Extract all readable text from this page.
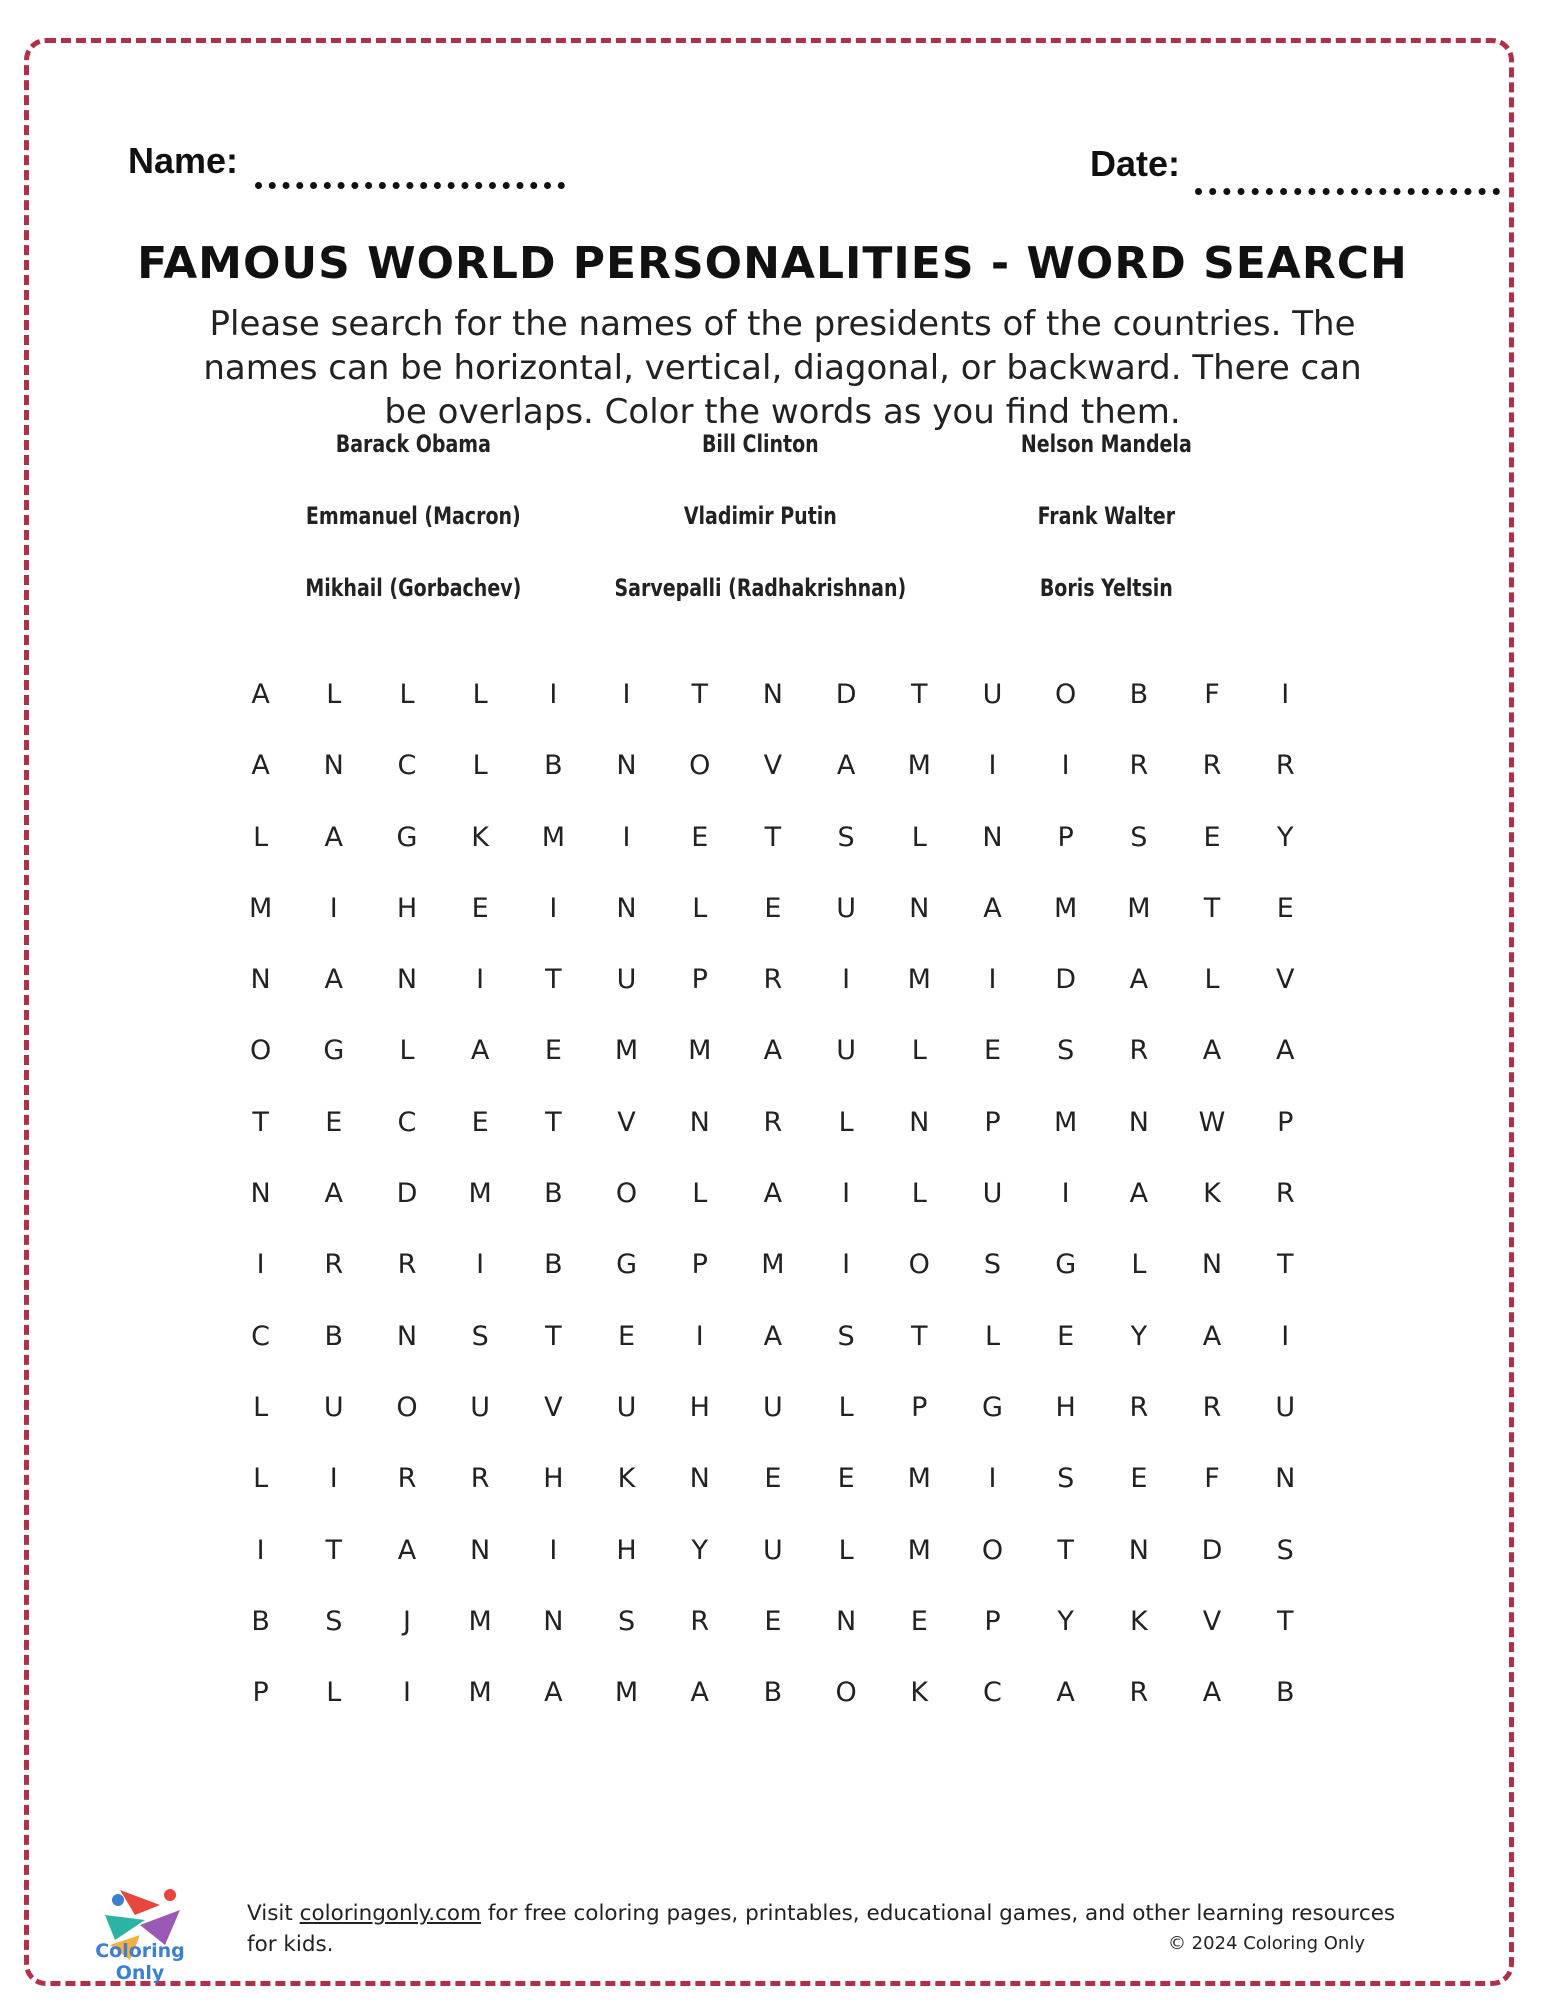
Name:	Date:
FAMOUS WORLD PERSONALITIES - WORD SEARCH
Please search for the names of the presidents of the countries. The names can be horizontal, vertical, diagonal, or backward. There can be overlaps. Color the words as you find them.
Barack Obama	Bill Clinton	Nelson Mandela
Emmanuel (Macron)	Vladimir Putin	Frank Walter
Mikhail (Gorbachev)	Sarvepalli (Radhakrishnan)	Boris Yeltsin
A	L	L	L	I	I	T	N	D	T	U	O	B	F	I
A	N	C	L	B	N	O	V	A	M	I	I	R	R	R
L	A	G	K	M	I	E	T	S	L	N	P	S	E	Y
M	I	H	E	I	N	L	E	U	N	A	M	M	T	E
N	A	N	I	T	U	P	R	I	M	I	D	A	L	V
O	G	L	A	E	M	M	A	U	L	E	S	R	A	A
T	E	C	E	T	V	N	R	L	N	P	M	N	W	P
N	A	D	M	B	O	L	A	I	L	U	I	A	K	R
I	R	R	I	B	G	P	M	I	O	S	G	L	N	T
C	B	N	S	T	E	I	A	S	T	L	E	Y	A	I
L	U	O	U	V	U	H	U	L	P	G	H	R	R	U
L	I	R	R	H	K	N	E	E	M	I	S	E	F	N
I	T	A	N	I	H	Y	U	L	M	O	T	N	D	S
B	S	J	M	N	S	R	E	N	E	P	Y	K	V	T
P	L	I	M	A	M	A	B	O	K	C	A	R	A	B
Coloring Only
Visit coloringonly.com for free coloring pages, printables, educational games, and other learning resources for kids.	© 2024 Coloring Only
